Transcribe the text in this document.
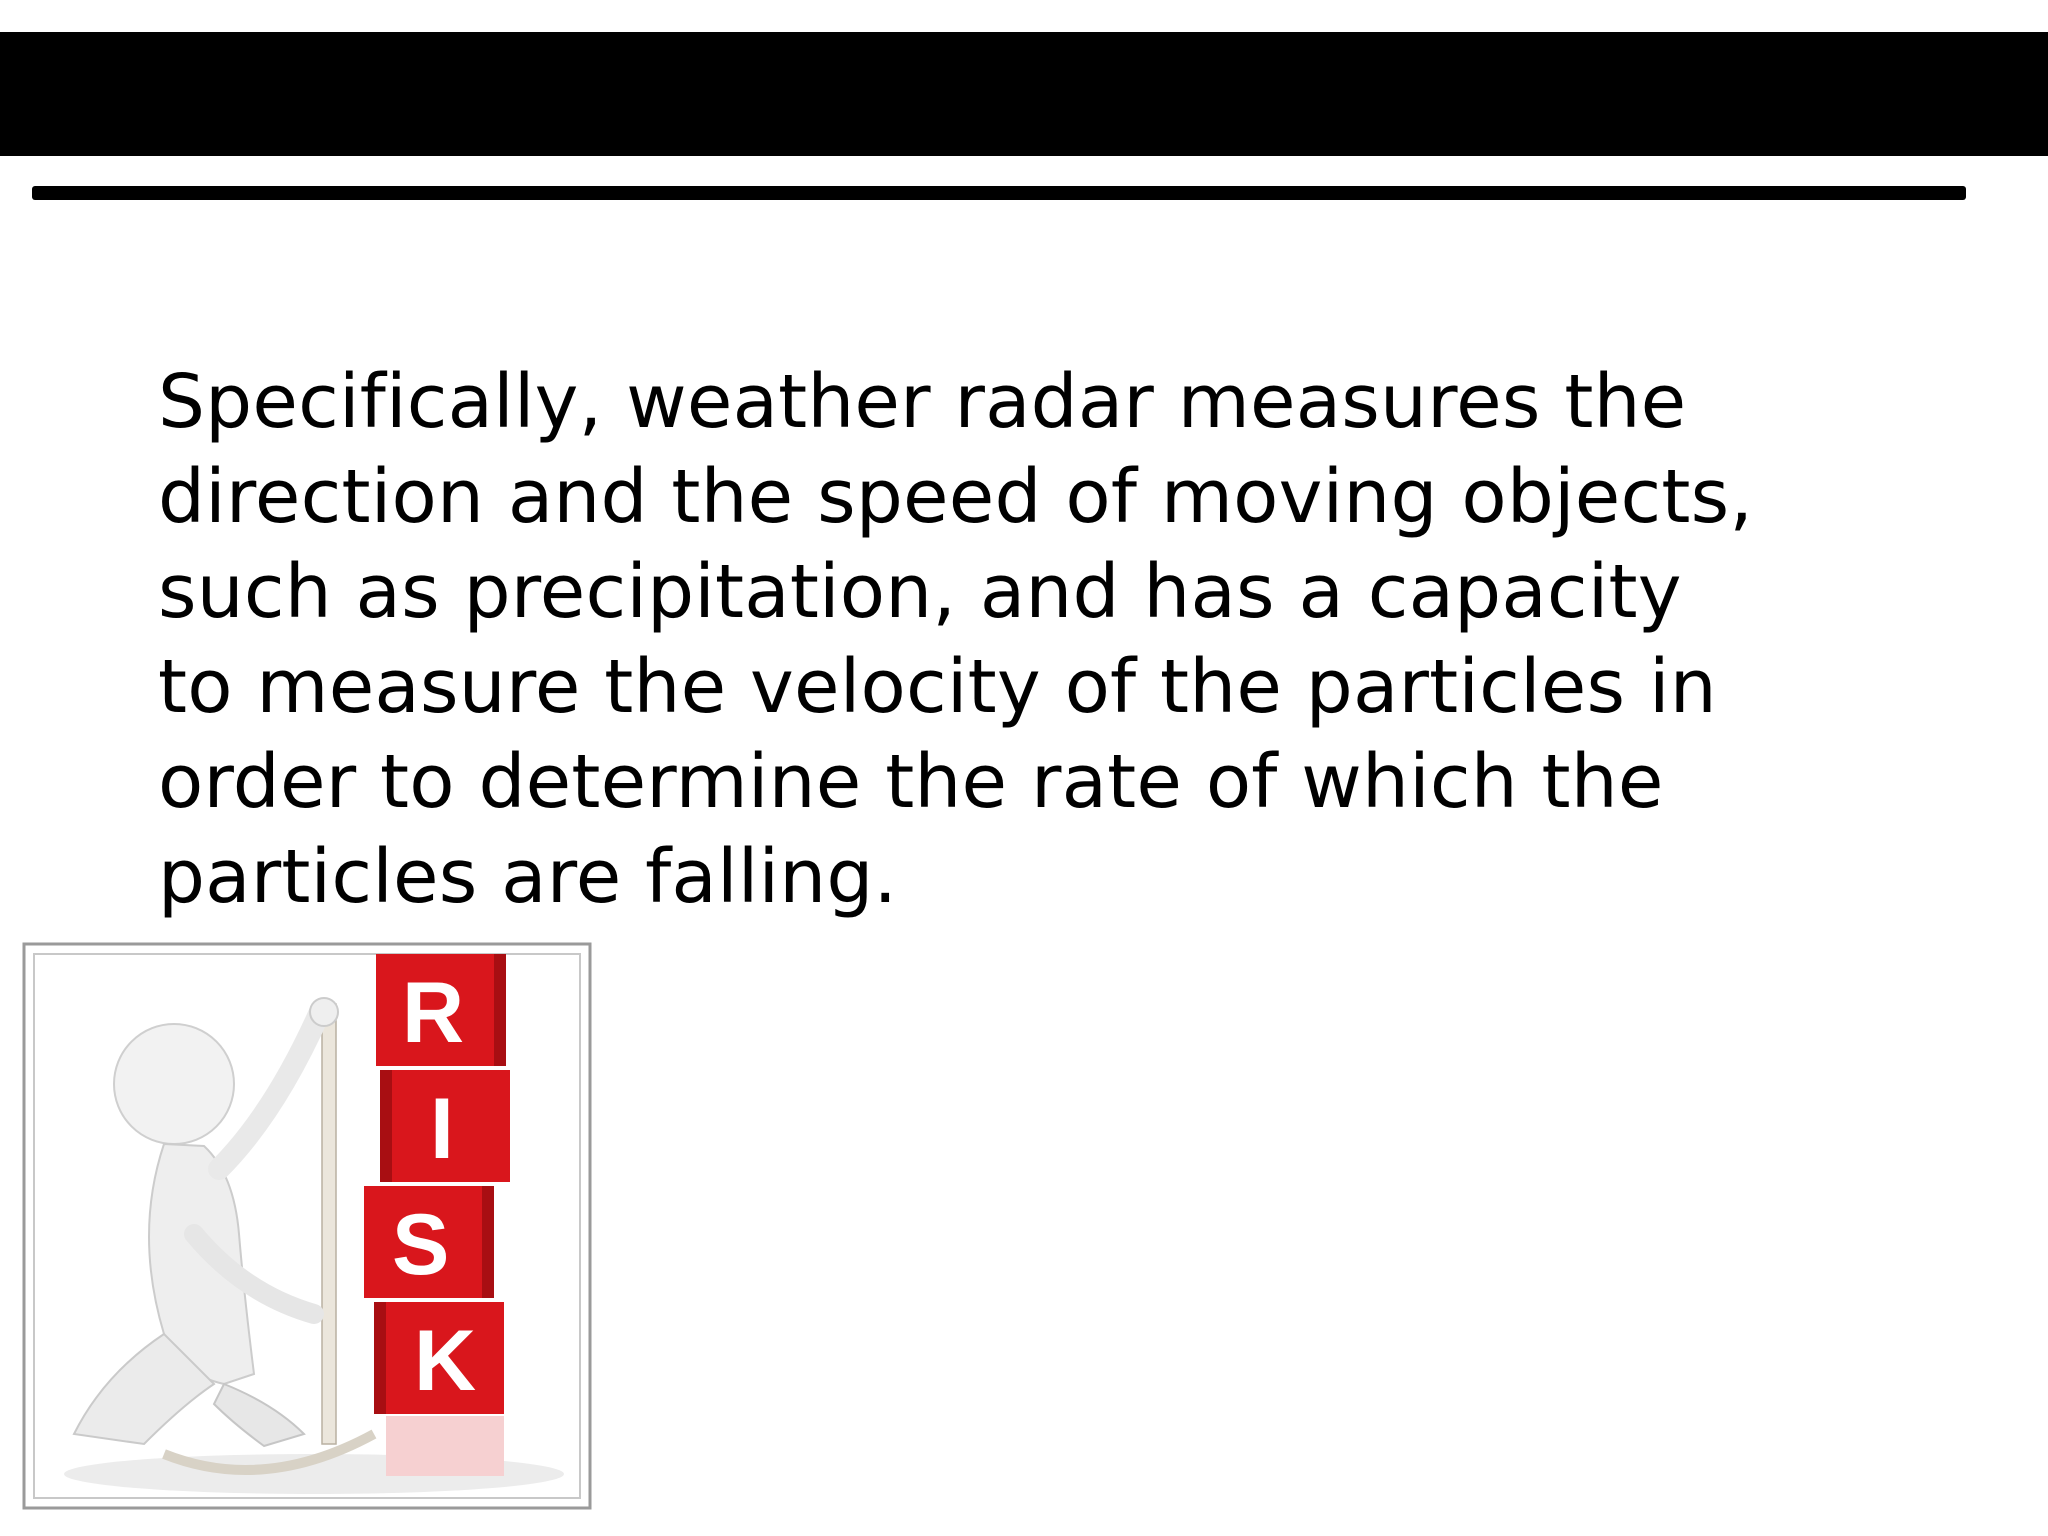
Specifically, weather radar measures the
direction and the speed of moving objects,
such as precipitation, and has a capacity
to measure the velocity of the particles in
order to determine the rate of which the
particles are falling.

R
I
S
K
